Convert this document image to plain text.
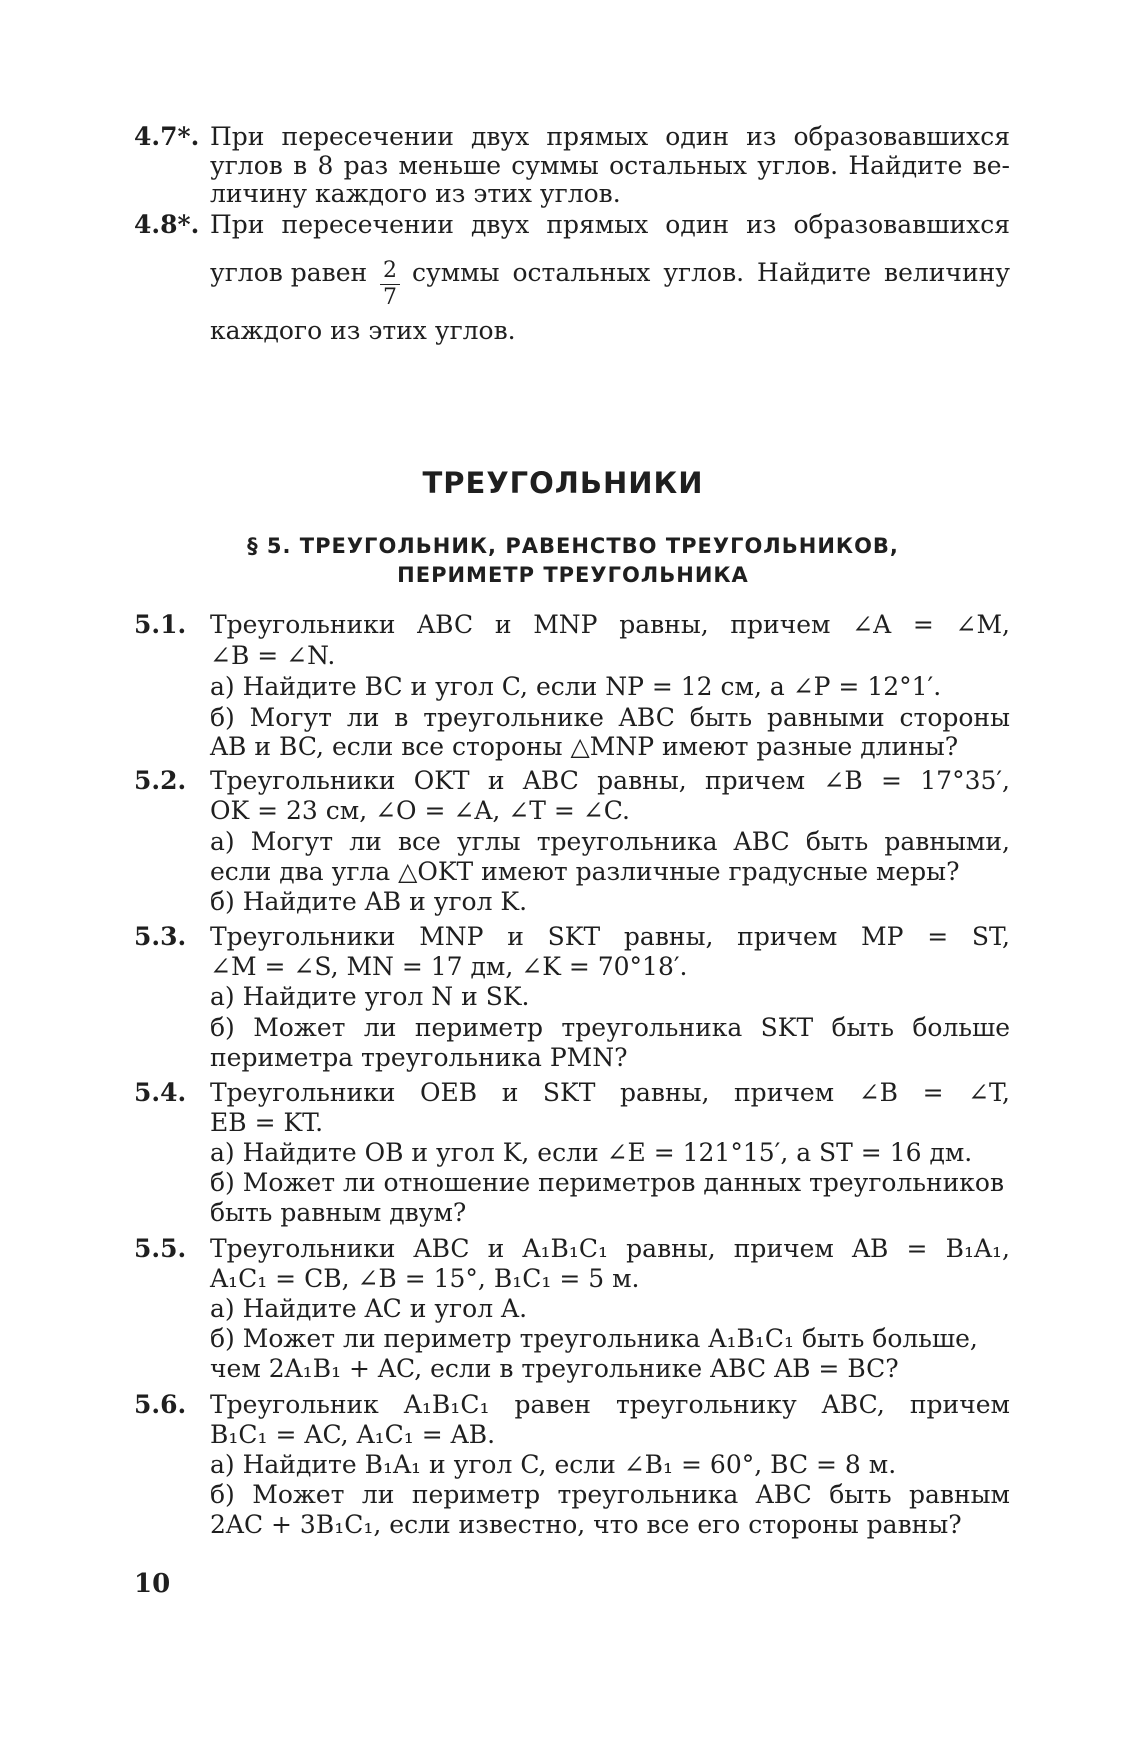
4.7*. При пересечении двух прямых один из образовавшихся
углов в 8 раз меньше суммы остальных углов. Найдите ве-
личину каждого из этих углов.
4.8*. При пересечении двух прямых один из образовавшихся
углов равен 2
7
суммы остальных углов. Найдите величину
каждого из этих углов.
ТРЕУГОЛЬНИКИ
§ 5. ТРЕУГОЛЬНИК, РАВЕНСТВО ТРЕУГОЛЬНИКОВ,
ПЕРИМЕТР ТРЕУГОЛЬНИКА
5.1. Треугольники ABC и MNP равны, причем ∠A = ∠M,
∠B = ∠N.
а) Найдите BC и угол C, если NP = 12 см, а ∠P = 12°1′.
б) Могут ли в треугольнике ABC быть равными стороны
AB и BC, если все стороны △MNP имеют разные длины?
5.2. Треугольники OKT и ABC равны, причем ∠B = 17°35′,
OK = 23 см, ∠O = ∠A, ∠T = ∠C.
а) Могут ли все углы треугольника ABC быть равными,
если два угла △OKT имеют различные градусные меры?
б) Найдите AB и угол K.
5.3. Треугольники MNP и SKT равны, причем MP = ST,
∠M = ∠S, MN = 17 дм, ∠K = 70°18′.
а) Найдите угол N и SK.
б) Может ли периметр треугольника SKT быть больше
периметра треугольника PMN?
5.4. Треугольники OEB и SKT равны, причем ∠B = ∠T,
EB = KT.
а) Найдите OB и угол K, если ∠E = 121°15′, а ST = 16 дм.
б) Может ли отношение периметров данных треугольников
быть равным двум?
5.5. Треугольники ABC и A₁B₁C₁ равны, причем AB = B₁A₁,
A₁C₁ = CB, ∠B = 15°, B₁C₁ = 5 м.
а) Найдите AC и угол A.
б) Может ли периметр треугольника A₁B₁C₁ быть больше,
чем 2A₁B₁ + AC, если в треугольнике ABC AB = BC?
5.6. Треугольник A₁B₁C₁ равен треугольнику ABC, причем
B₁C₁ = AC, A₁C₁ = AB.
а) Найдите B₁A₁ и угол C, если ∠B₁ = 60°, BC = 8 м.
б) Может ли периметр треугольника ABC быть равным
2AC + 3B₁C₁, если известно, что все его стороны равны?
10
